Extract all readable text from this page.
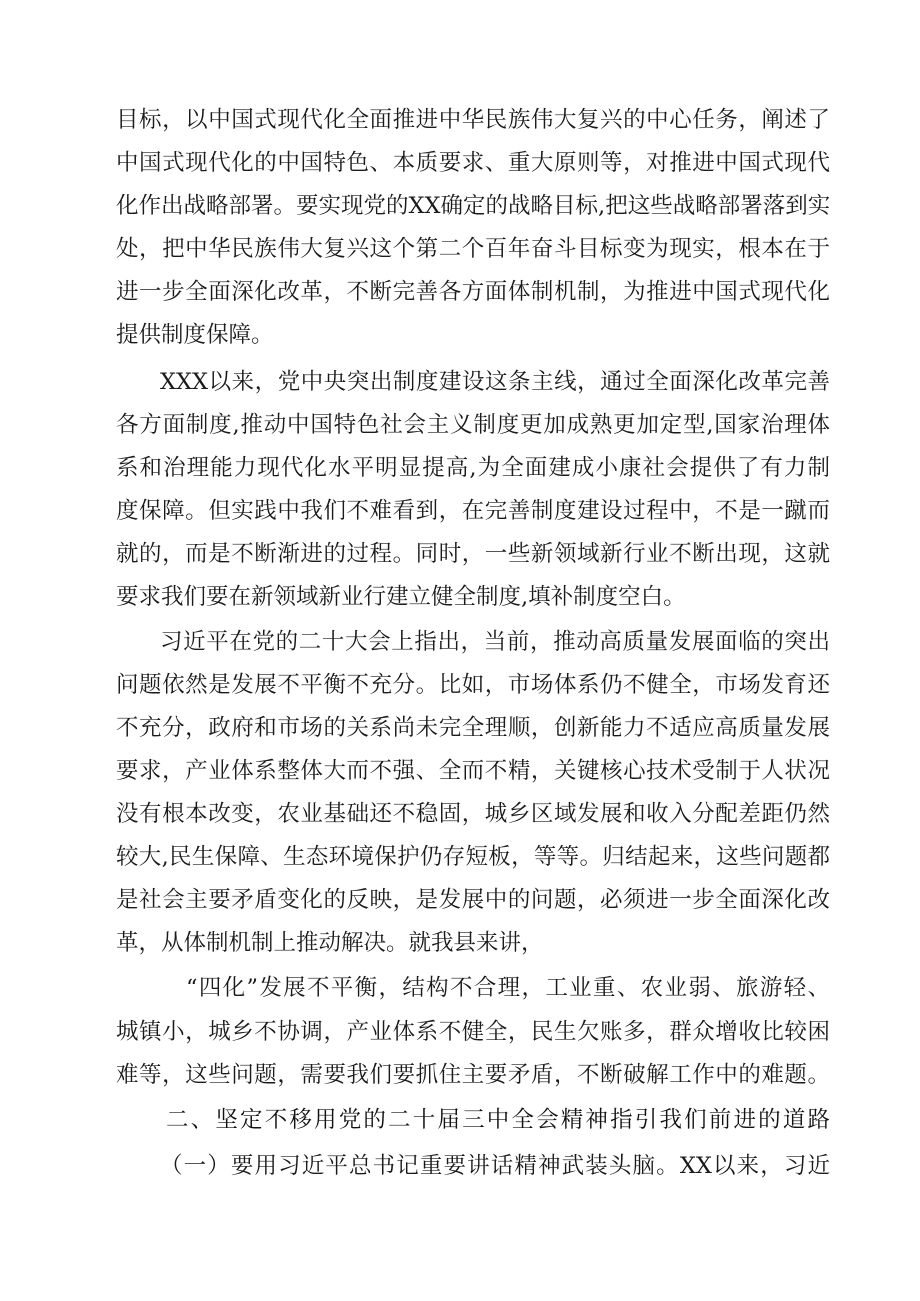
目标，以中国式现代化全面推进中华民族伟大复兴的中心任务，阐述了
中国式现代化的中国特色、本质要求、重大原则等，对推进中国式现代
化作出战略部署。要实现党的XX确定的战略目标,把这些战略部署落到实
处，把中华民族伟大复兴这个第二个百年奋斗目标变为现实，根本在于
进一步全面深化改革，不断完善各方面体制机制，为推进中国式现代化
提供制度保障。
XXX以来，党中央突出制度建设这条主线，通过全面深化改革完善
各方面制度,推动中国特色社会主义制度更加成熟更加定型,国家治理体
系和治理能力现代化水平明显提高,为全面建成小康社会提供了有力制
度保障。但实践中我们不难看到，在完善制度建设过程中，不是一蹴而
就的，而是不断渐进的过程。同时，一些新领域新行业不断出现，这就
要求我们要在新领域新业行建立健全制度,填补制度空白。
习近平在党的二十大会上指出，当前，推动高质量发展面临的突出
问题依然是发展不平衡不充分。比如，市场体系仍不健全，市场发育还
不充分，政府和市场的关系尚未完全理顺，创新能力不适应高质量发展
要求，产业体系整体大而不强、全而不精，关键核心技术受制于人状况
没有根本改变，农业基础还不稳固，城乡区域发展和收入分配差距仍然
较大,民生保障、生态环境保护仍存短板，等等。归结起来，这些问题都
是社会主要矛盾变化的反映，是发展中的问题，必须进一步全面深化改
革，从体制机制上推动解决。就我县来讲，
“四化”发展不平衡，结构不合理，工业重、农业弱、旅游轻、
城镇小，城乡不协调，产业体系不健全，民生欠账多，群众增收比较困
难等，这些问题，需要我们要抓住主要矛盾，不断破解工作中的难题。
二、坚定不移用党的二十届三中全会精神指引我们前进的道路
（一）要用习近平总书记重要讲话精神武装头脑。XX以来，习近
